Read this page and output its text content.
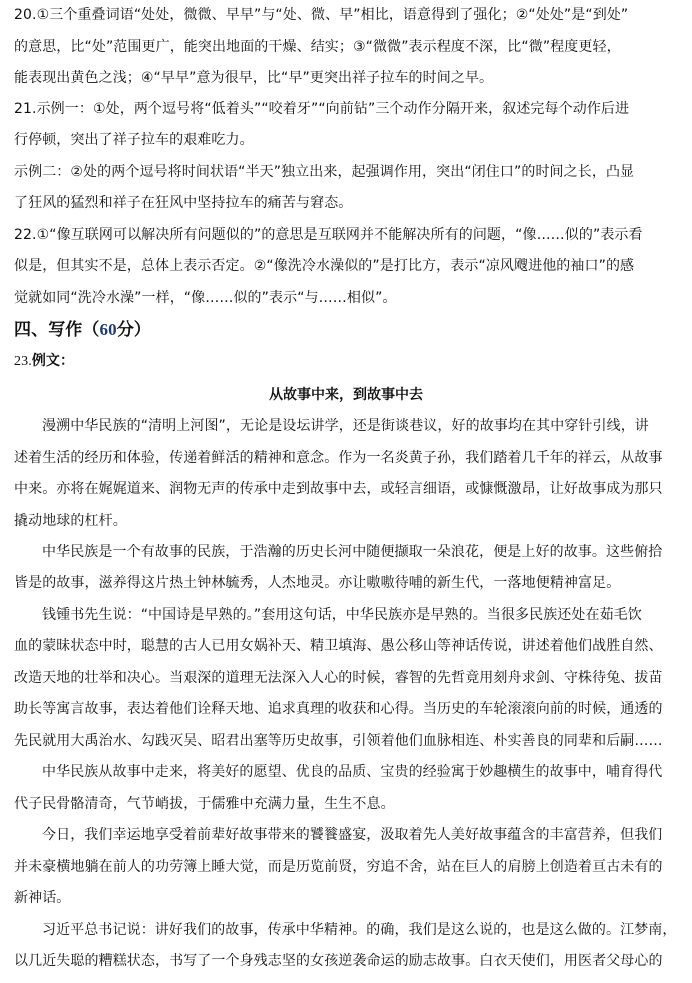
20.①三个重叠词语“处处，微微、早早”与“处、微、早”相比，语意得到了强化；②“处处”是“到处”
的意思，比“处”范围更广，能突出地面的干燥、结实；③“微微”表示程度不深，比“微”程度更轻，
能表现出黄色之浅；④“早早”意为很早，比“早”更突出祥子拉车的时间之早。
21.示例一：①处，两个逗号将“低着头”“咬着牙”“向前钻”三个动作分隔开来，叙述完每个动作后进
行停顿，突出了祥子拉车的艰难吃力。
示例二：②处的两个逗号将时间状语“半天”独立出来，起强调作用，突出“闭住口”的时间之长，凸显
了狂风的猛烈和祥子在狂风中坚持拉车的痛苦与窘态。
22.①“像互联网可以解决所有问题似的”的意思是互联网并不能解决所有的问题，“像……似的”表示看
似是，但其实不是，总体上表示否定。②“像洗冷水澡似的”是打比方，表示“凉风飕进他的袖口”的感
觉就如同“洗冷水澡”一样，“像……似的”表示“与……相似”。
四、写作（60分）
23.例文：
从故事中来，到故事中去
漫溯中华民族的“清明上河图”，无论是设坛讲学，还是街谈巷议，好的故事均在其中穿针引线，讲
述着生活的经历和体验，传递着鲜活的精神和意念。作为一名炎黄子孙，我们踏着几千年的祥云，从故事
中来。亦将在娓娓道来、润物无声的传承中走到故事中去，或轻言细语，或慷慨激昂，让好故事成为那只
撬动地球的杠杆。
中华民族是一个有故事的民族，于浩瀚的历史长河中随便撷取一朵浪花，便是上好的故事。这些俯拾
皆是的故事，滋养得这片热土钟林毓秀，人杰地灵。亦让嗷嗷待哺的新生代，一落地便精神富足。
钱锺书先生说：“中国诗是早熟的。”套用这句话，中华民族亦是早熟的。当很多民族还处在茹毛饮
血的蒙昧状态中时，聪慧的古人已用女娲补天、精卫填海、愚公移山等神话传说，讲述着他们战胜自然、
改造天地的壮举和决心。当艰深的道理无法深入人心的时候，睿智的先哲竟用刻舟求剑、守株待兔、拔苗
助长等寓言故事，表达着他们诠释天地、追求真理的收获和心得。当历史的车轮滚滚向前的时候，通透的
先民就用大禹治水、勾践灭吴、昭君出塞等历史故事，引领着他们血脉相连、朴实善良的同辈和后嗣……
中华民族从故事中走来，将美好的愿望、优良的品质、宝贵的经验寓于妙趣横生的故事中，哺育得代
代子民骨骼清奇，气节峭拔，于儒雅中充满力量，生生不息。
今日，我们幸运地享受着前辈好故事带来的饕餮盛宴，汲取着先人美好故事蕴含的丰富营养，但我们
并未豪横地躺在前人的功劳簿上睡大觉，而是历览前贤，穷追不舍，站在巨人的肩膀上创造着亘古未有的
新神话。
习近平总书记说：讲好我们的故事，传承中华精神。的确，我们是这么说的，也是这么做的。江梦南，
以几近失聪的糟糕状态，书写了一个身残志坚的女孩逆袭命运的励志故事。白衣天使们，用医者父母心的
